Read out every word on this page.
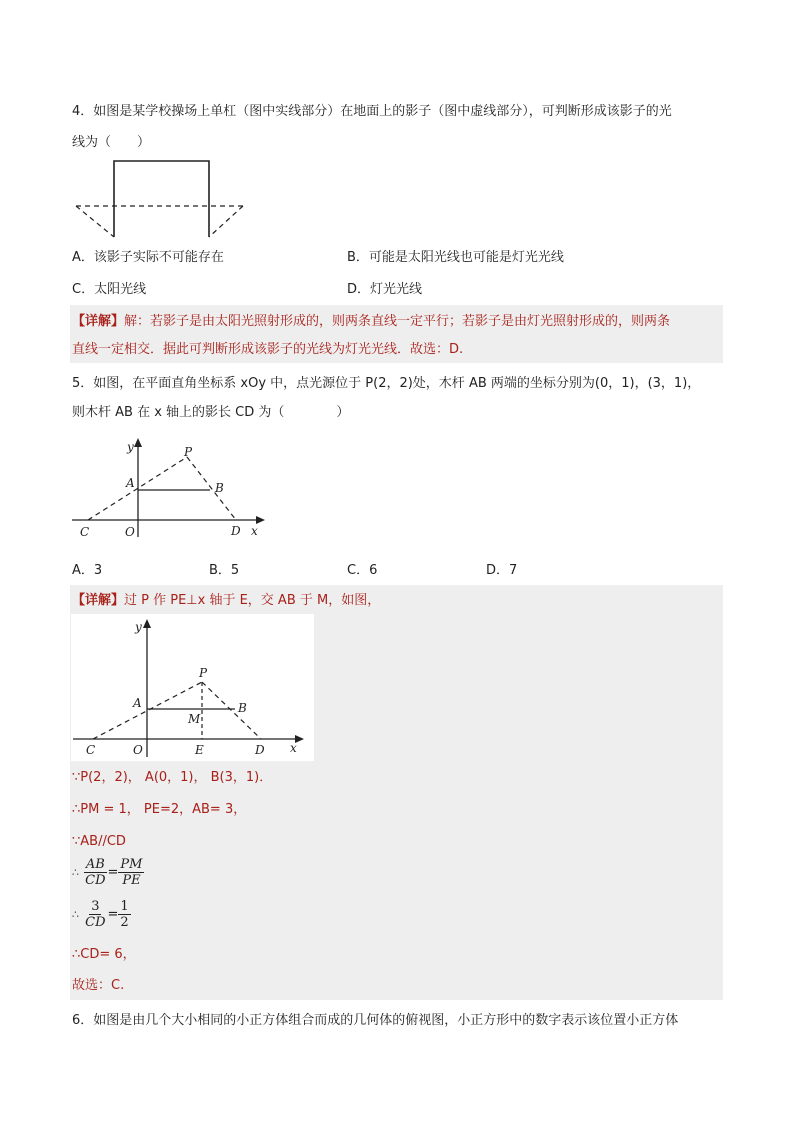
4．如图是某学校操场上单杠（图中实线部分）在地面上的影子（图中虚线部分），可判断形成该影子的光
线为（　　）
A．该影子实际不可能存在	B．可能是太阳光线也可能是灯光光线
C．太阳光线	D．灯光光线
【详解】解：若影子是由太阳光照射形成的，则两条直线一定平行；若影子是由灯光照射形成的，则两条
直线一定相交．据此可判断形成该影子的光线为灯光光线．故选：D.
5．如图，在平面直角坐标系 xOy 中，点光源位于 P(2，2)处，木杆 AB 两端的坐标分别为(0，1)，(3，1)，
则木杆 AB 在 x 轴上的影长 CD 为（　　　　）
y	P
A	B
C	O	D x
A．3	B．5	C．6	D．7
【详解】过 P 作 PE⊥x 轴于 E，交 AB 于 M，如图，
y
P
A
M
B
C	O	E	D x
∵P(2，2)， A(0，1)， B(3，1)．
∴PM = 1， PE=2，AB= 3，
∵AB//CD
∴ $\frac{AB}{CD} = \frac{PM}{PE}$
∴ $\frac{3}{CD} = \frac{1}{2}$
∴CD= 6，
故选：C.
6．如图是由几个大小相同的小正方体组合而成的几何体的俯视图，小正方形中的数字表示该位置小正方体
